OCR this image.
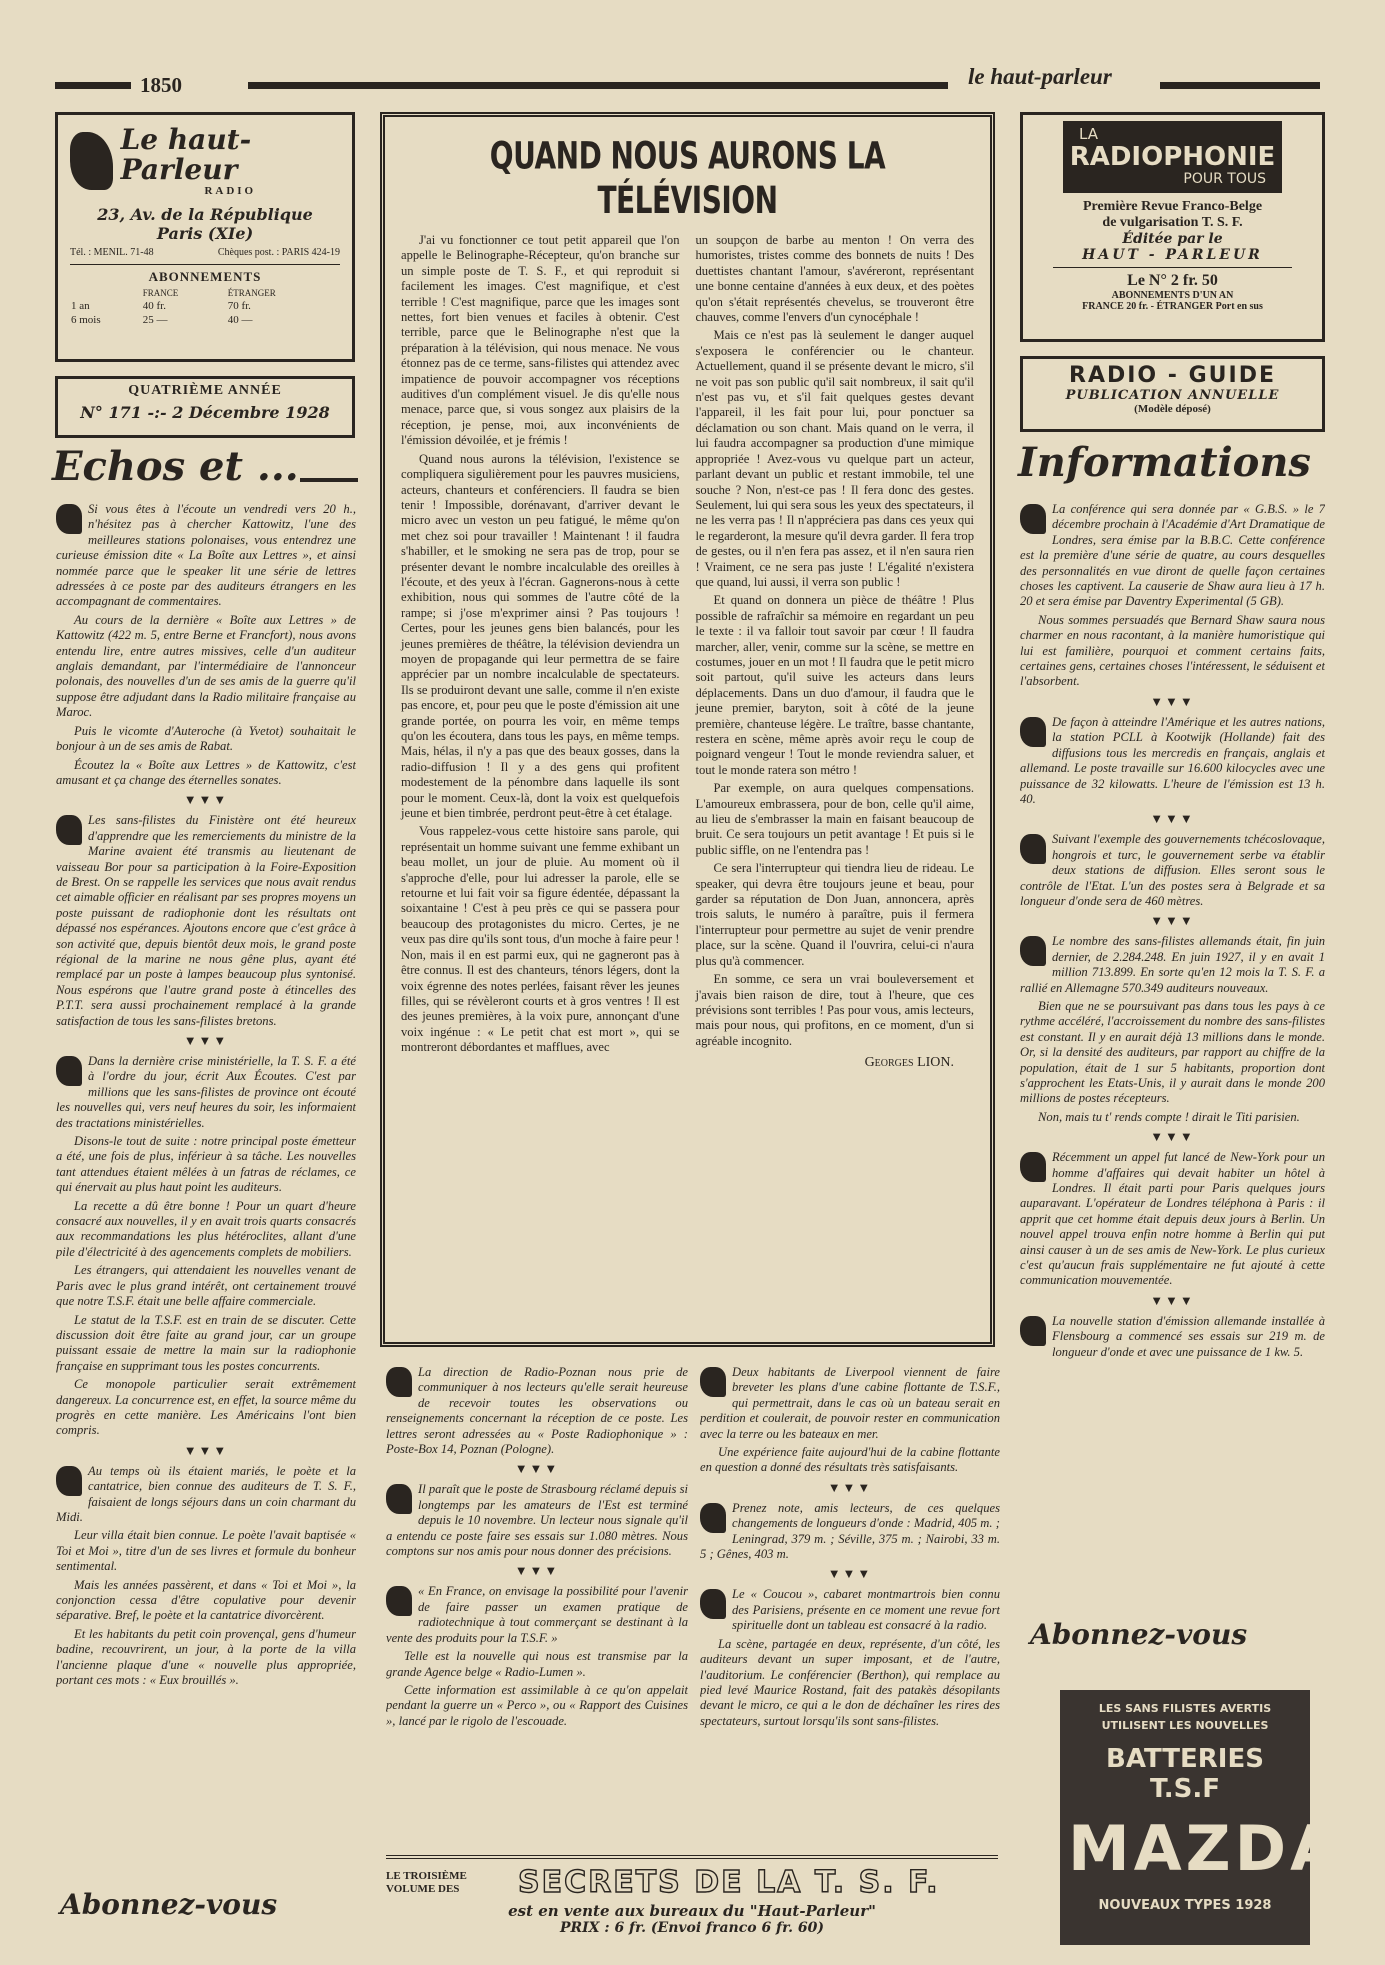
1850	le haut-parleur
Le haut-Parleur
RADIO
23, Av. de la République
Paris (XIe)
Tél. : MENIL. 71-48	Chèques post. : PARIS 424-19
ABONNEMENTS
	FRANCE	ÉTRANGER
1 an	40 fr.	70 fr.
6 mois	25 —	40 —
QUATRIÈME ANNÉE
N° 171 -:- 2 Décembre 1928
Echos et ...

Si vous êtes à l'écoute un vendredi vers 20 h., n'hésitez pas à chercher Kattowitz, l'une des meilleures stations polonaises, vous entendrez une curieuse émission dite « La Boîte aux Lettres », et ainsi nommée parce que le speaker lit une série de lettres adressées à ce poste par des auditeurs étrangers en les accompagnant de commentaires.

Au cours de la dernière « Boîte aux Lettres » de Kattowitz (422 m. 5, entre Berne et Francfort), nous avons entendu lire, entre autres missives, celle d'un auditeur anglais demandant, par l'intermédiaire de l'annonceur polonais, des nouvelles d'un de ses amis de la guerre qu'il suppose être adjudant dans la Radio militaire française au Maroc.

Puis le vicomte d'Auteroche (à Yvetot) souhaitait le bonjour à un de ses amis de Rabat.

Écoutez la « Boîte aux Lettres » de Kattowitz, c'est amusant et ça change des éternelles sonates.

▼▼▼

Les sans-filistes du Finistère ont été heureux d'apprendre que les remerciements du ministre de la Marine avaient été transmis au lieutenant de vaisseau Bor pour sa participation à la Foire-Exposition de Brest. On se rappelle les services que nous avait rendus cet aimable officier en réalisant par ses propres moyens un poste puissant de radiophonie dont les résultats ont dépassé nos espérances. Ajoutons encore que c'est grâce à son activité que, depuis bientôt deux mois, le grand poste régional de la marine ne nous gêne plus, ayant été remplacé par un poste à lampes beaucoup plus syntonisé. Nous espérons que l'autre grand poste à étincelles des P.T.T. sera aussi prochainement remplacé à la grande satisfaction de tous les sans-filistes bretons.

▼▼▼

Dans la dernière crise ministérielle, la T. S. F. a été à l'ordre du jour, écrit Aux Écoutes. C'est par millions que les sans-filistes de province ont écouté les nouvelles qui, vers neuf heures du soir, les informaient des tractations ministérielles.

Disons-le tout de suite : notre principal poste émetteur a été, une fois de plus, inférieur à sa tâche. Les nouvelles tant attendues étaient mêlées à un fatras de réclames, ce qui énervait au plus haut point les auditeurs.

La recette a dû être bonne ! Pour un quart d'heure consacré aux nouvelles, il y en avait trois quarts consacrés aux recommandations les plus hétéroclites, allant d'une pile d'électricité à des agencements complets de mobiliers.

Les étrangers, qui attendaient les nouvelles venant de Paris avec le plus grand intérêt, ont certainement trouvé que notre T.S.F. était une belle affaire commerciale.

Le statut de la T.S.F. est en train de se discuter. Cette discussion doit être faite au grand jour, car un groupe puissant essaie de mettre la main sur la radiophonie française en supprimant tous les postes concurrents.

Ce monopole particulier serait extrêmement dangereux. La concurrence est, en effet, la source même du progrès en cette manière. Les Américains l'ont bien compris.

▼▼▼

Au temps où ils étaient mariés, le poète et la cantatrice, bien connue des auditeurs de T. S. F., faisaient de longs séjours dans un coin charmant du Midi.

Leur villa était bien connue. Le poète l'avait baptisée « Toi et Moi », titre d'un de ses livres et formule du bonheur sentimental.

Mais les années passèrent, et dans « Toi et Moi », la conjonction cessa d'être copulative pour devenir séparative. Bref, le poète et la cantatrice divorcèrent.

Et les habitants du petit coin provençal, gens d'humeur badine, recouvrirent, un jour, à la porte de la villa l'ancienne plaque d'une « nouvelle plus appropriée, portant ces mots : « Eux brouillés ».

Abonnez-vous
QUAND NOUS AURONS LA TÉLÉVISION

J'ai vu fonctionner ce tout petit appareil que l'on appelle le Belinographe-Récepteur, qu'on branche sur un simple poste de T. S. F., et qui reproduit si facilement les images. C'est magnifique, et c'est terrible ! C'est magnifique, parce que les images sont nettes, fort bien venues et faciles à obtenir. C'est terrible, parce que le Belinographe n'est que la préparation à la télévision, qui nous menace. Ne vous étonnez pas de ce terme, sans-filistes qui attendez avec impatience de pouvoir accompagner vos réceptions auditives d'un complément visuel. Je dis qu'elle nous menace, parce que, si vous songez aux plaisirs de la réception, je pense, moi, aux inconvénients de l'émission dévoilée, et je frémis !

Quand nous aurons la télévision, l'existence se compliquera sigulièrement pour les pauvres musiciens, acteurs, chanteurs et conférenciers. Il faudra se bien tenir ! Impossible, dorénavant, d'arriver devant le micro avec un veston un peu fatigué, le même qu'on met chez soi pour travailler ! Maintenant ! il faudra s'habiller, et le smoking ne sera pas de trop, pour se présenter devant le nombre incalculable des oreilles à l'écoute, et des yeux à l'écran. Gagnerons-nous à cette exhibition, nous qui sommes de l'autre côté de la rampe; si j'ose m'exprimer ainsi ? Pas toujours ! Certes, pour les jeunes gens bien balancés, pour les jeunes premières de théâtre, la télévision deviendra un moyen de propagande qui leur permettra de se faire apprécier par un nombre incalculable de spectateurs. Ils se produiront devant une salle, comme il n'en existe pas encore, et, pour peu que le poste d'émission ait une grande portée, on pourra les voir, en même temps qu'on les écoutera, dans tous les pays, en même temps. Mais, hélas, il n'y a pas que des beaux gosses, dans la radio-diffusion ! Il y a des gens qui profitent modestement de la pénombre dans laquelle ils sont pour le moment. Ceux-là, dont la voix est quelquefois jeune et bien timbrée, perdront peut-être à cet étalage.

Vous rappelez-vous cette histoire sans parole, qui représentait un homme suivant une femme exhibant un beau mollet, un jour de pluie. Au moment où il s'approche d'elle, pour lui adresser la parole, elle se retourne et lui fait voir sa figure édentée, dépassant la soixantaine ! C'est à peu près ce qui se passera pour beaucoup des protagonistes du micro. Certes, je ne veux pas dire qu'ils sont tous, d'un moche à faire peur ! Non, mais il en est parmi eux, qui ne gagneront pas à être connus. Il est des chanteurs, ténors légers, dont la voix égrenne des notes perlées, faisant rêver les jeunes filles, qui se révèleront courts et à gros ventres ! Il est des jeunes premières, à la voix pure, annonçant d'une voix ingénue : « Le petit chat est mort », qui se montreront débordantes et mafflues, avec

un soupçon de barbe au menton ! On verra des humoristes, tristes comme des bonnets de nuits ! Des duettistes chantant l'amour, s'avéreront, représentant une bonne centaine d'années à eux deux, et des poètes qu'on s'était représentés chevelus, se trouveront être chauves, comme l'envers d'un cynocéphale !

Mais ce n'est pas là seulement le danger auquel s'exposera le conférencier ou le chanteur. Actuellement, quand il se présente devant le micro, s'il ne voit pas son public qu'il sait nombreux, il sait qu'il n'est pas vu, et s'il fait quelques gestes devant l'appareil, il les fait pour lui, pour ponctuer sa déclamation ou son chant. Mais quand on le verra, il lui faudra accompagner sa production d'une mimique appropriée ! Avez-vous vu quelque part un acteur, parlant devant un public et restant immobile, tel une souche ? Non, n'est-ce pas ! Il fera donc des gestes. Seulement, lui qui sera sous les yeux des spectateurs, il ne les verra pas ! Il n'appréciera pas dans ces yeux qui le regarderont, la mesure qu'il devra garder. Il fera trop de gestes, ou il n'en fera pas assez, et il n'en saura rien ! Vraiment, ce ne sera pas juste ! L'égalité n'existera que quand, lui aussi, il verra son public !

Et quand on donnera un pièce de théâtre ! Plus possible de rafraîchir sa mémoire en regardant un peu le texte : il va falloir tout savoir par cœur ! Il faudra marcher, aller, venir, comme sur la scène, se mettre en costumes, jouer en un mot ! Il faudra que le petit micro soit partout, qu'il suive les acteurs dans leurs déplacements. Dans un duo d'amour, il faudra que le jeune premier, baryton, soit à côté de la jeune première, chanteuse légère. Le traître, basse chantante, restera en scène, même après avoir reçu le coup de poignard vengeur ! Tout le monde reviendra saluer, et tout le monde ratera son métro !

Par exemple, on aura quelques compensations. L'amoureux embrassera, pour de bon, celle qu'il aime, au lieu de s'embrasser la main en faisant beaucoup de bruit. Ce sera toujours un petit avantage ! Et puis si le public siffle, on ne l'entendra pas !

Ce sera l'interrupteur qui tiendra lieu de rideau. Le speaker, qui devra être toujours jeune et beau, pour garder sa réputation de Don Juan, annoncera, après trois saluts, le numéro à paraître, puis il fermera l'interrupteur pour permettre au sujet de venir prendre place, sur la scène. Quand il l'ouvrira, celui-ci n'aura plus qu'à commencer.

En somme, ce sera un vrai bouleversement et j'avais bien raison de dire, tout à l'heure, que ces prévisions sont terribles ! Pas pour vous, amis lecteurs, mais pour nous, qui profitons, en ce moment, d'un si agréable incognito.

Georges LION.

La direction de Radio-Poznan nous prie de communiquer à nos lecteurs qu'elle serait heureuse de recevoir toutes les observations ou renseignements concernant la réception de ce poste. Les lettres seront adressées au « Poste Radiophonique » : Poste-Box 14, Poznan (Pologne).

▼▼▼

Il paraît que le poste de Strasbourg réclamé depuis si longtemps par les amateurs de l'Est est terminé depuis le 10 novembre. Un lecteur nous signale qu'il a entendu ce poste faire ses essais sur 1.080 mètres. Nous comptons sur nos amis pour nous donner des précisions.

▼▼▼

« En France, on envisage la possibilité pour l'avenir de faire passer un examen pratique de radiotechnique à tout commerçant se destinant à la vente des produits pour la T.S.F. »

Telle est la nouvelle qui nous est transmise par la grande Agence belge « Radio-Lumen ».

Cette information est assimilable à ce qu'on appelait pendant la guerre un « Perco », ou « Rapport des Cuisines », lancé par le rigolo de l'escouade.

Deux habitants de Liverpool viennent de faire breveter les plans d'une cabine flottante de T.S.F., qui permettrait, dans le cas où un bateau serait en perdition et coulerait, de pouvoir rester en communication avec la terre ou les bateaux en mer.

Une expérience faite aujourd'hui de la cabine flottante en question a donné des résultats très satisfaisants.

▼▼▼

Prenez note, amis lecteurs, de ces quelques changements de longueurs d'onde : Madrid, 405 m. ; Leningrad, 379 m. ; Séville, 375 m. ; Nairobi, 33 m. 5 ; Gênes, 403 m.

▼▼▼

Le « Coucou », cabaret montmartrois bien connu des Parisiens, présente en ce moment une revue fort spirituelle dont un tableau est consacré à la radio.

La scène, partagée en deux, représente, d'un côté, les auditeurs devant un super imposant, et de l'autre, l'auditorium. Le conférencier (Berthon), qui remplace au pied levé Maurice Rostand, fait des patakès désopilants devant le micro, ce qui a le don de déchaîner les rires des spectateurs, surtout lorsqu'ils sont sans-filistes.

LE TROISIÈME VOLUME DES	SECRETS DE LA T. S. F.
est en vente aux bureaux du "Haut-Parleur"
PRIX : 6 fr. (Envoi franco 6 fr. 60)
LA
RADIOPHONIE
POUR TOUS
Première Revue Franco-Belge
de vulgarisation T. S. F.
Éditée par le
HAUT - PARLEUR
Le N° 2 fr. 50
ABONNEMENTS D'UN AN
FRANCE 20 fr. - ÉTRANGER Port en sus
RADIO - GUIDE
PUBLICATION ANNUELLE
(Modèle déposé)
Informations

La conférence qui sera donnée par « G.B.S. » le 7 décembre prochain à l'Académie d'Art Dramatique de Londres, sera émise par la B.B.C. Cette conférence est la première d'une série de quatre, au cours desquelles des personnalités en vue diront de quelle façon certaines choses les captivent. La causerie de Shaw aura lieu à 17 h. 20 et sera émise par Daventry Experimental (5 GB).

Nous sommes persuadés que Bernard Shaw saura nous charmer en nous racontant, à la manière humoristique qui lui est familière, pourquoi et comment certains faits, certaines gens, certaines choses l'intéressent, le séduisent et l'absorbent.

▼▼▼

De façon à atteindre l'Amérique et les autres nations, la station PCLL à Kootwijk (Hollande) fait des diffusions tous les mercredis en français, anglais et allemand. Le poste travaille sur 16.600 kilocycles avec une puissance de 32 kilowatts. L'heure de l'émission est 13 h. 40.

▼▼▼

Suivant l'exemple des gouvernements tchécoslovaque, hongrois et turc, le gouvernement serbe va établir deux stations de diffusion. Elles seront sous le contrôle de l'Etat. L'un des postes sera à Belgrade et sa longueur d'onde sera de 460 mètres.

▼▼▼

Le nombre des sans-filistes allemands était, fin juin dernier, de 2.284.248. En juin 1927, il y en avait 1 million 713.899. En sorte qu'en 12 mois la T. S. F. a rallié en Allemagne 570.349 auditeurs nouveaux.

Bien que ne se poursuivant pas dans tous les pays à ce rythme accéléré, l'accroissement du nombre des sans-filistes est constant. Il y en aurait déjà 13 millions dans le monde. Or, si la densité des auditeurs, par rapport au chiffre de la population, était de 1 sur 5 habitants, proportion dont s'approchent les Etats-Unis, il y aurait dans le monde 200 millions de postes récepteurs.

Non, mais tu t' rends compte ! dirait le Titi parisien.

▼▼▼

Récemment un appel fut lancé de New-York pour un homme d'affaires qui devait habiter un hôtel à Londres. Il était parti pour Paris quelques jours auparavant. L'opérateur de Londres téléphona à Paris : il apprit que cet homme était depuis deux jours à Berlin. Un nouvel appel trouva enfin notre homme à Berlin qui put ainsi causer à un de ses amis de New-York. Le plus curieux c'est qu'aucun frais supplémentaire ne fut ajouté à cette communication mouvementée.

▼▼▼

La nouvelle station d'émission allemande installée à Flensbourg a commencé ses essais sur 219 m. de longueur d'onde et avec une puissance de 1 kw. 5.

Abonnez-vous
LES SANS FILISTES AVERTIS
UTILISENT LES NOUVELLES
BATTERIES T.S.F
MAZDA
NOUVEAUX TYPES 1928
